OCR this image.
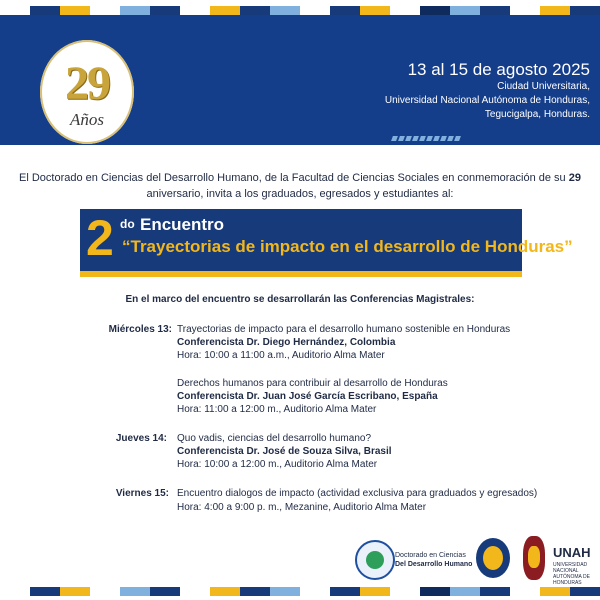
29
Años
13 al 15 de agosto 2025
Ciudad Universitaria,
Universidad Nacional Autónoma de Honduras,
Tegucigalpa, Honduras.
El Doctorado en Ciencias del Desarrollo Humano, de la Facultad de Ciencias Sociales en conmemoración de su 29 aniversario, invita a los graduados, egresados y estudiantes al:
2 do Encuentro
“Trayectorias de impacto en el desarrollo de Honduras”
En el marco del encuentro se desarrollarán las Conferencias Magistrales:
Miércoles 13: Trayectorias de impacto para el desarrollo humano sostenible en Honduras
Conferencista Dr. Diego Hernández, Colombia
Hora: 10:00 a 11:00 a.m., Auditorio Alma Mater
Derechos humanos para contribuir al desarrollo de Honduras
Conferencista Dr. Juan José García Escribano, España
Hora: 11:00 a 12:00 m., Auditorio Alma Mater
Jueves 14: Quo vadis, ciencias del desarrollo humano?
Conferencista Dr. José de Souza Silva, Brasil
Hora: 10:00 a 12:00 m., Auditorio Alma Mater
Viernes 15: Encuentro dialogos de impacto (actividad exclusiva para graduados y egresados)
Hora: 4:00 a 9:00 p. m., Mezanine, Auditorio Alma Mater
Doctorado en Ciencias
Del Desarrollo Humano
UNAH
UNIVERSIDAD NACIONAL AUTÓNOMA DE HONDURAS
